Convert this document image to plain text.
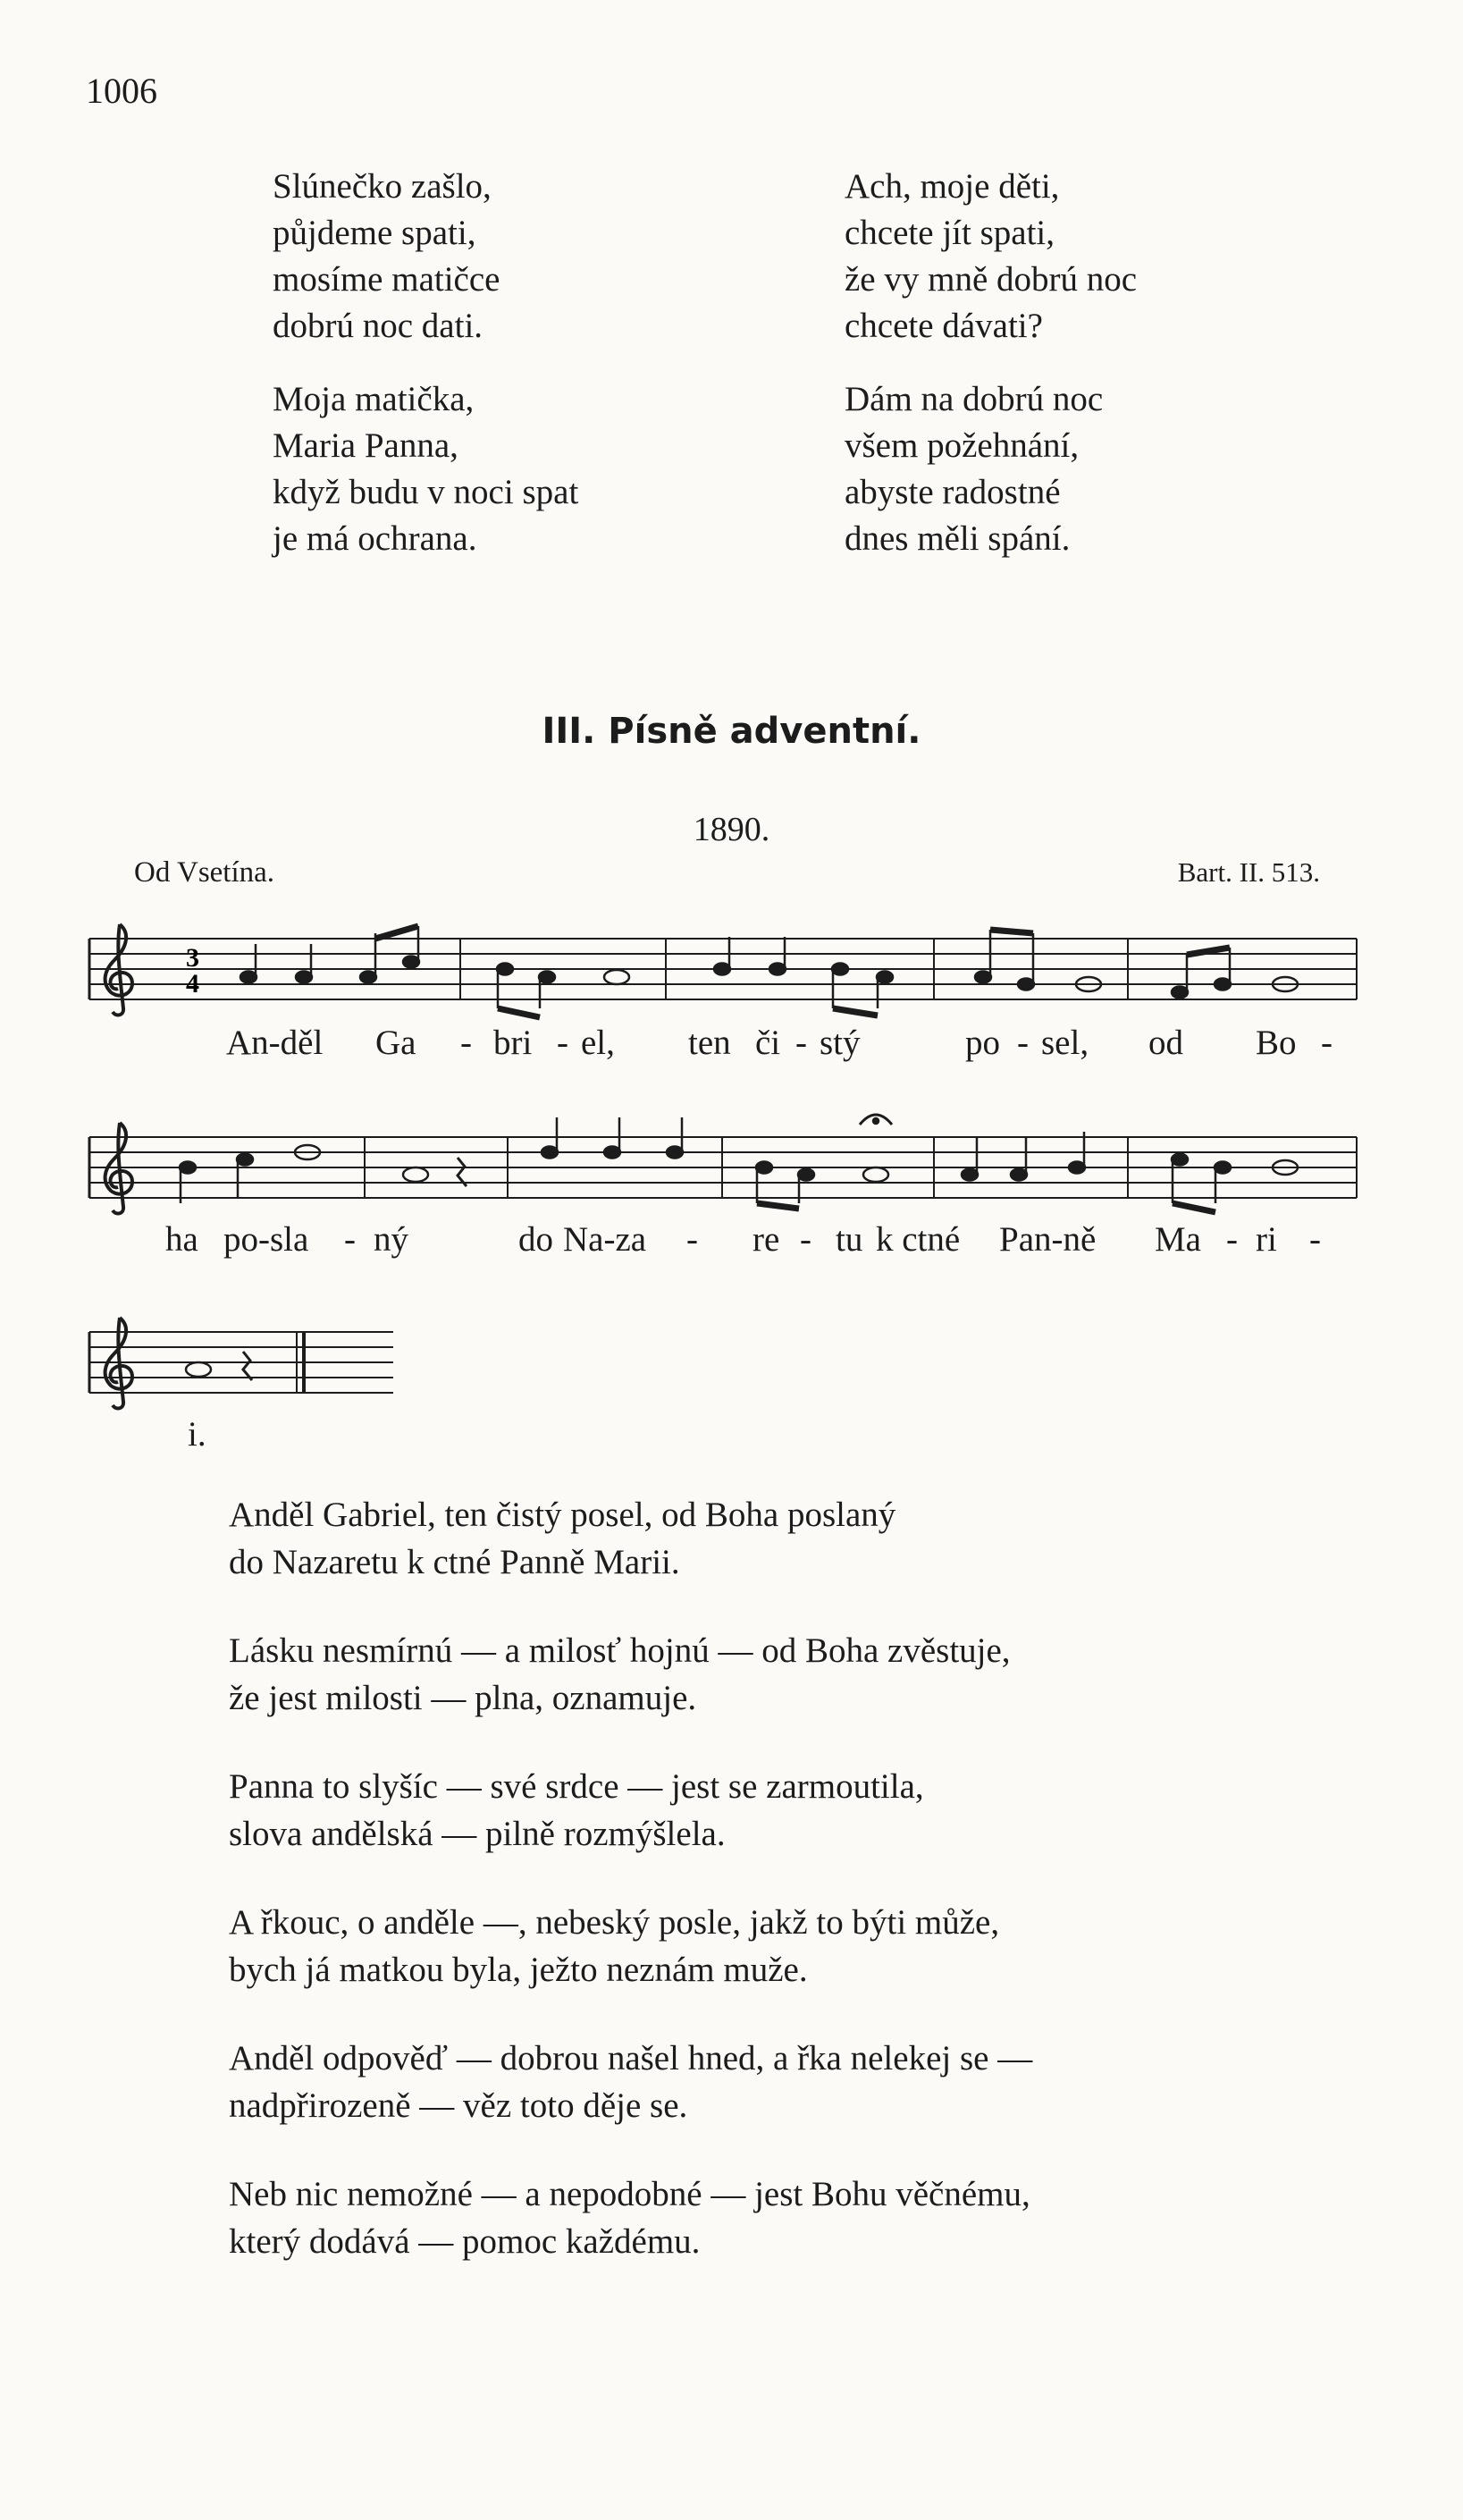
1006
Slúnečko zašlo,
půjdeme spati,
mosíme matičce
dobrú noc dati.
Moja matička,
Maria Panna,
když budu v noci spat
je má ochrana.
Ach, moje děti,
chcete jít spati,
že vy mně dobrú noc
chcete dávati?
Dám na dobrú noc
všem požehnání,
abyste radostné
dnes měli spání.
III. Písně adventní.
1890.
Od Vsetína.	Bart. II. 513.
3
4
An-děl Ga - bri - el, ten či - stý	po - sel, od Bo -
ha po-sla - ný	do Na-za - re - tu k ctné Pan-ně Ma - ri -
i.
Anděl Gabriel, ten čistý posel, od Boha poslaný
do Nazaretu k ctné Panně Marii.
Lásku nesmírnú — a milosť hojnú — od Boha zvěstuje,
že jest milosti — plna, oznamuje.
Panna to slyšíc — své srdce — jest se zarmoutila,
slova andělská — pilně rozmýšlela.
A řkouc, o anděle —, nebeský posle, jakž to býti může,
bych já matkou byla, ježto neznám muže.
Anděl odpověď — dobrou našel hned, a řka nelekej se —
nadpřirozeně — věz toto děje se.
Neb nic nemožné — a nepodobné — jest Bohu věčnému,
který dodává — pomoc každému.
